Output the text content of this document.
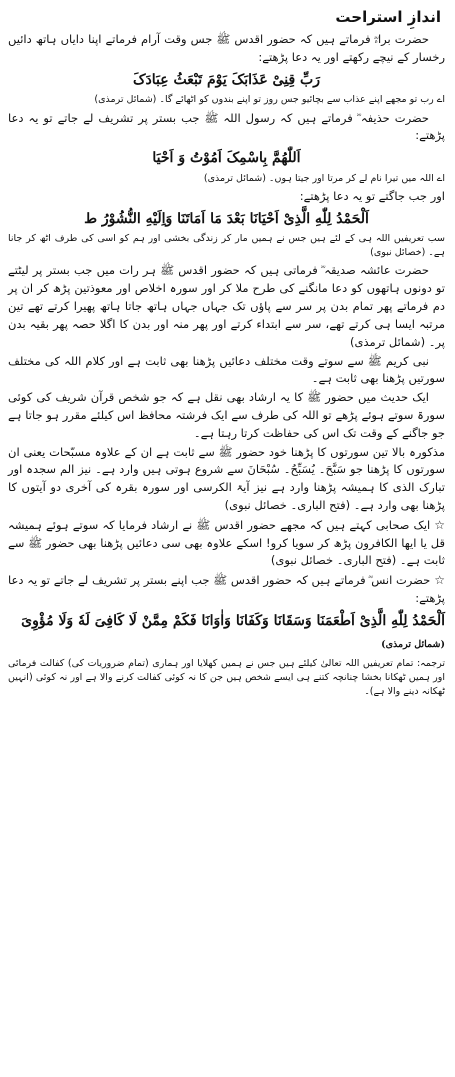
اندازِ استراحت

حضرت براءؓ فرماتے ہیں کہ حضور اقدس ﷺ جس وقت آرام فرماتے اپنا دایاں ہاتھ دائیں رخسار کے نیچے رکھتے اور یہ دعا پڑھتے:

رَبِّ قِنِیْ عَذَابَکَ یَوْمَ تَبْعَثُ عِبَادَکَ

اے رب تو مجھے اپنے عذاب سے بچائیو جس روز تو اپنے بندوں کو اٹھائے گا۔ (شمائل ترمذی)

حضرت حذیفہ ؓ فرماتے ہیں کہ رسول اللہ ﷺ جب بستر پر تشریف لے جاتے تو یہ دعا پڑھتے:

اَللّٰھُمَّ بِاسْمِکَ اَمُوْتُ وَ اَحْیَا

اے اللہ میں تیرا نام لے کر مرتا اور جیتا ہوں۔ (شمائل ترمذی)

اور جب جاگتے تو یہ دعا پڑھتے:

اَلْحَمْدُ لِلّٰهِ الَّذِیْ اَحْیَانَا بَعْدَ مَا اَمَاتَنَا وَاِلَیْهِ النُّشُوْرُ ط

سب تعریفیں اللہ ہی کے لئے ہیں جس نے ہمیں مار کر زندگی بخشی اور ہم کو اسی کی طرف اٹھ کر جانا ہے۔ (خصائل نبوی)

حضرت عائشہ صدیقہ ؓ فرماتی ہیں کہ حضور اقدس ﷺ ہر رات میں جب بستر پر لیٹتے تو دونوں ہاتھوں کو دعا مانگنے کی طرح ملا کر اور سورہ اخلاص اور معوذتین پڑھ کر ان پر دم فرماتے پھر تمام بدن پر سر سے پاؤں تک جہاں جہاں ہاتھ جاتا ہاتھ پھیرا کرتے تھے تین مرتبہ ایسا ہی کرتے تھے، سر سے ابتداء کرتے اور پھر منہ اور بدن کا اگلا حصہ پھر بقیہ بدن پر۔ (شمائل ترمذی)

نبی کریم ﷺ سے سوتے وقت مختلف دعائیں پڑھنا بھی ثابت ہے اور کلام اللہ کی مختلف سورتیں پڑھنا بھی ثابت ہے۔

ایک حدیث میں حضور ﷺ کا یہ ارشاد بھی نقل ہے کہ جو شخص قرآن شریف کی کوئی سورۃ سوتے ہوئے پڑھے تو اللہ کی طرف سے ایک فرشتہ محافظ اس کیلئے مقرر ہو جاتا ہے جو جاگنے کے وقت تک اس کی حفاظت کرتا رہتا ہے۔

مذکورہ بالا تین سورتوں کا پڑھنا خود حضور ﷺ سے ثابت ہے ان کے علاوہ مسبّحات یعنی ان سورتوں کا پڑھنا جو سَبَّحَ۔ یُسَبِّحُ۔ سُبْحَانَ سے شروع ہوتی ہیں وارد ہے۔ نیز الم سجدہ اور تبارک الذی کا ہمیشہ پڑھنا وارد ہے نیز آیۃ الکرسی اور سورہ بقرہ کی آخری دو آیتوں کا پڑھنا بھی وارد ہے۔ (فتح الباری۔ خصائل نبوی)

☆ایک صحابی کہتے ہیں کہ مجھے حضور اقدس ﷺ نے ارشاد فرمایا کہ سوتے ہوئے ہمیشہ قل یا ایھا الکافرون پڑھ کر سویا کرو! اسکے علاوہ بھی سی دعائیں پڑھنا بھی حضور ﷺ سے ثابت ہے۔ (فتح الباری۔ خصائل نبوی)

☆حضرت انس ؓ فرماتے ہیں کہ حضور اقدس ﷺ جب اپنے بستر پر تشریف لے جاتے تو یہ دعا پڑھتے:

اَلْحَمْدُ لِلّٰهِ الَّذِیْ اَطْعَمَنَا وَسَقَانَا وَکَفَانَا وَاٰوَانَا فَکَمْ مِمَّنْ لَا کَافِیَ لَهٗ وَلَا مُؤْوِیَ (شمائل ترمذی)

ترجمہ: تمام تعریفیں اللہ تعالیٰ کیلئے ہیں جس نے ہمیں کھلایا اور ہماری (تمام ضروریات کی) کفالت فرمائی اور ہمیں ٹھکانا بخشا چنانچہ کتنے ہی ایسے شخص ہیں جن کا نہ کوئی کفالت کرنے والا ہے اور نہ کوئی (انہیں ٹھکانہ دینے والا ہے)۔
